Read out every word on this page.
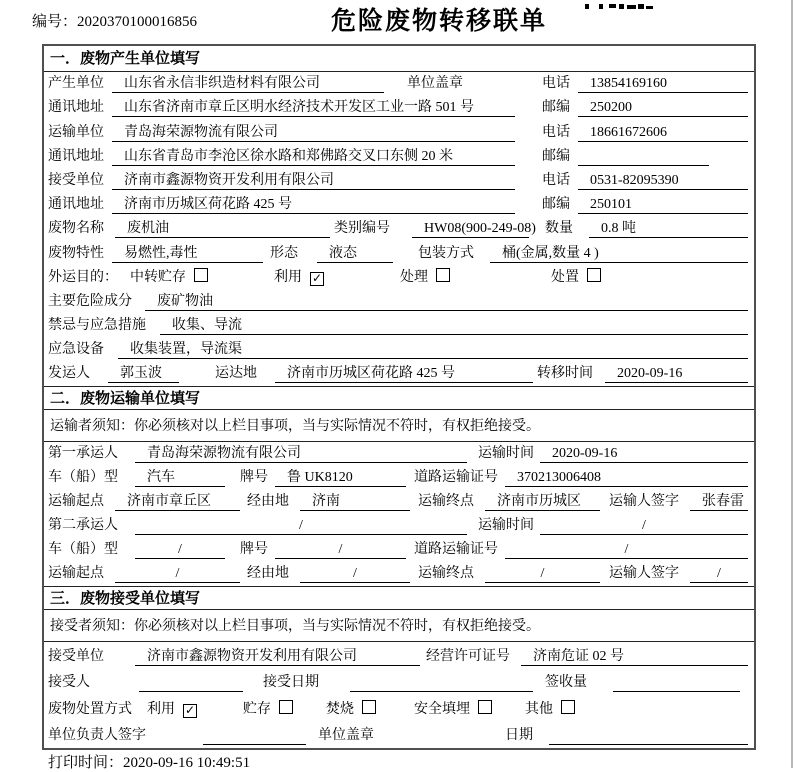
编号：2020370100016856	危险废物转移联单
一．废物产生单位填写
产生单位	山东省永信非织造材料有限公司	单位盖章	电话	13854169160
通讯地址	山东省济南市章丘区明水经济技术开发区工业一路 501 号	邮编	250200
运输单位	青岛海荣源物流有限公司	电话	18661672606
通讯地址	山东省青岛市李沧区徐水路和郑佛路交叉口东侧 20 米	邮编
接受单位	济南市鑫源物资开发利用有限公司	电话	0531-82095390
通讯地址	济南市历城区荷花路 425 号	邮编	250101
废物名称	废机油	类别编号	HW08(900-249-08) 数量	0.8 吨
废物特性	易燃性,毒性	形态	液态	包装方式	桶(金属,数量 4 )
外运目的： 中转贮存	利用 ✓	处理	处置
主要危险成分	废矿物油
禁忌与应急措施	收集、导流
应急设备	收集装置，导流渠
发运人	郭玉波	运达地	济南市历城区荷花路 425 号	转移时间	2020-09-16
二．废物运输单位填写
运输者须知：你必须核对以上栏目事项，当与实际情况不符时，有权拒绝接受。
第一承运人	青岛海荣源物流有限公司	运输时间	2020-09-16
车（船）型	汽车	牌号	鲁 UK8120	道路运输证号	370213006408
运输起点	济南市章丘区	经由地	济南	运输终点	济南市历城区	运输人签字	张春雷
第二承运人	/	运输时间	/
车（船）型	/	牌号	/	道路运输证号	/
运输起点	/	经由地	/	运输终点	/	运输人签字	/
三．废物接受单位填写
接受者须知：你必须核对以上栏目事项，当与实际情况不符时，有权拒绝接受。
接受单位	济南市鑫源物资开发利用有限公司	经营许可证号	济南危证 02 号
接受人	接受日期	签收量
废物处置方式 利用 ✓	贮存	焚烧	安全填埋	其他
单位负责人签字	单位盖章	日期
打印时间：2020-09-16 10:49:51
